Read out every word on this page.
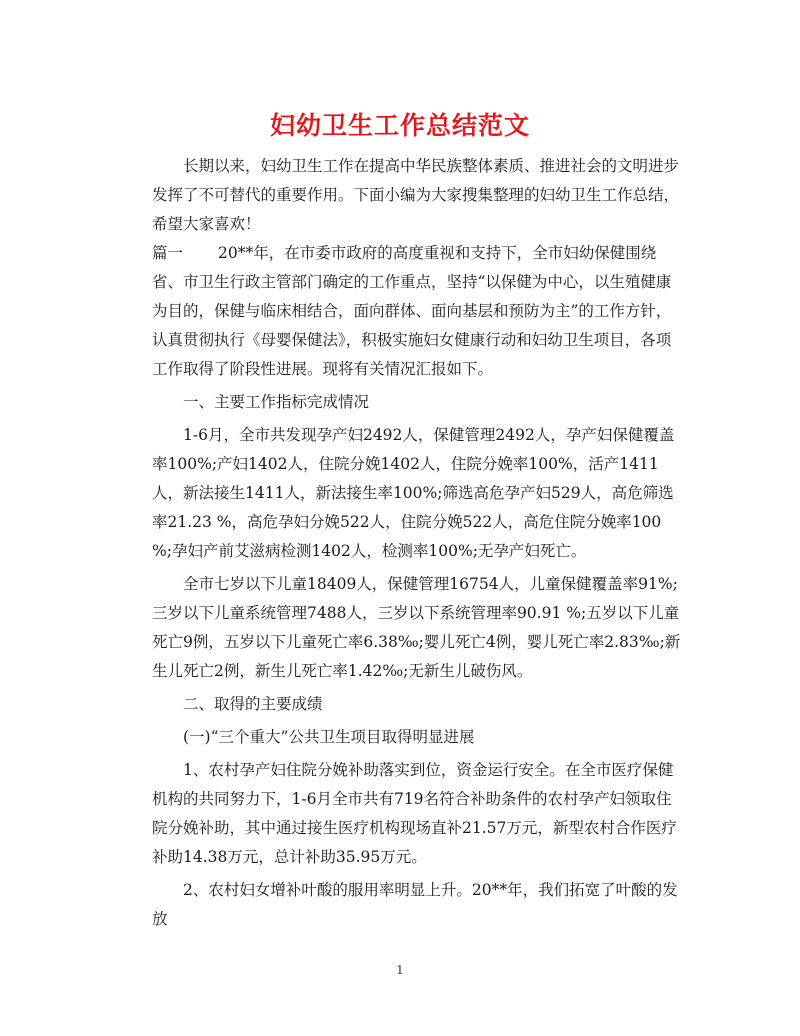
妇幼卫生工作总结范文

长期以来，妇幼卫生工作在提高中华民族整体素质、推进社会的文明进步发挥了不可替代的重要作用。下面小编为大家搜集整理的妇幼卫生工作总结，希望大家喜欢！

篇一 20**年，在市委市政府的高度重视和支持下，全市妇幼保健围绕省、市卫生行政主管部门确定的工作重点，坚持“以保健为中心，以生殖健康为目的，保健与临床相结合，面向群体、面向基层和预防为主”的工作方针，认真贯彻执行《母婴保健法》，积极实施妇女健康行动和妇幼卫生项目，各项工作取得了阶段性进展。现将有关情况汇报如下。

一、主要工作指标完成情况

1-6月，全市共发现孕产妇2492人，保健管理2492人，孕产妇保健覆盖率100%;产妇1402人，住院分娩1402人，住院分娩率100%，活产1411人，新法接生1411人，新法接生率100%;筛选高危孕产妇529人，高危筛选率21.23 %，高危孕妇分娩522人，住院分娩522人，高危住院分娩率100 %;孕妇产前艾滋病检测1402人，检测率100%;无孕产妇死亡。

全市七岁以下儿童18409人，保健管理16754人，儿童保健覆盖率91%;三岁以下儿童系统管理7488人，三岁以下系统管理率90.91 %;五岁以下儿童死亡9例，五岁以下儿童死亡率6.38‰;婴儿死亡4例，婴儿死亡率2.83‰;新生儿死亡2例，新生儿死亡率1.42‰;无新生儿破伤风。

二、取得的主要成绩

(一)“三个重大”公共卫生项目取得明显进展

1、农村孕产妇住院分娩补助落实到位，资金运行安全。在全市医疗保健机构的共同努力下，1-6月全市共有719名符合补助条件的农村孕产妇领取住院分娩补助，其中通过接生医疗机构现场直补21.57万元，新型农村合作医疗补助14.38万元，总计补助35.95万元。

2、农村妇女增补叶酸的服用率明显上升。20**年，我们拓宽了叶酸的发放

1
